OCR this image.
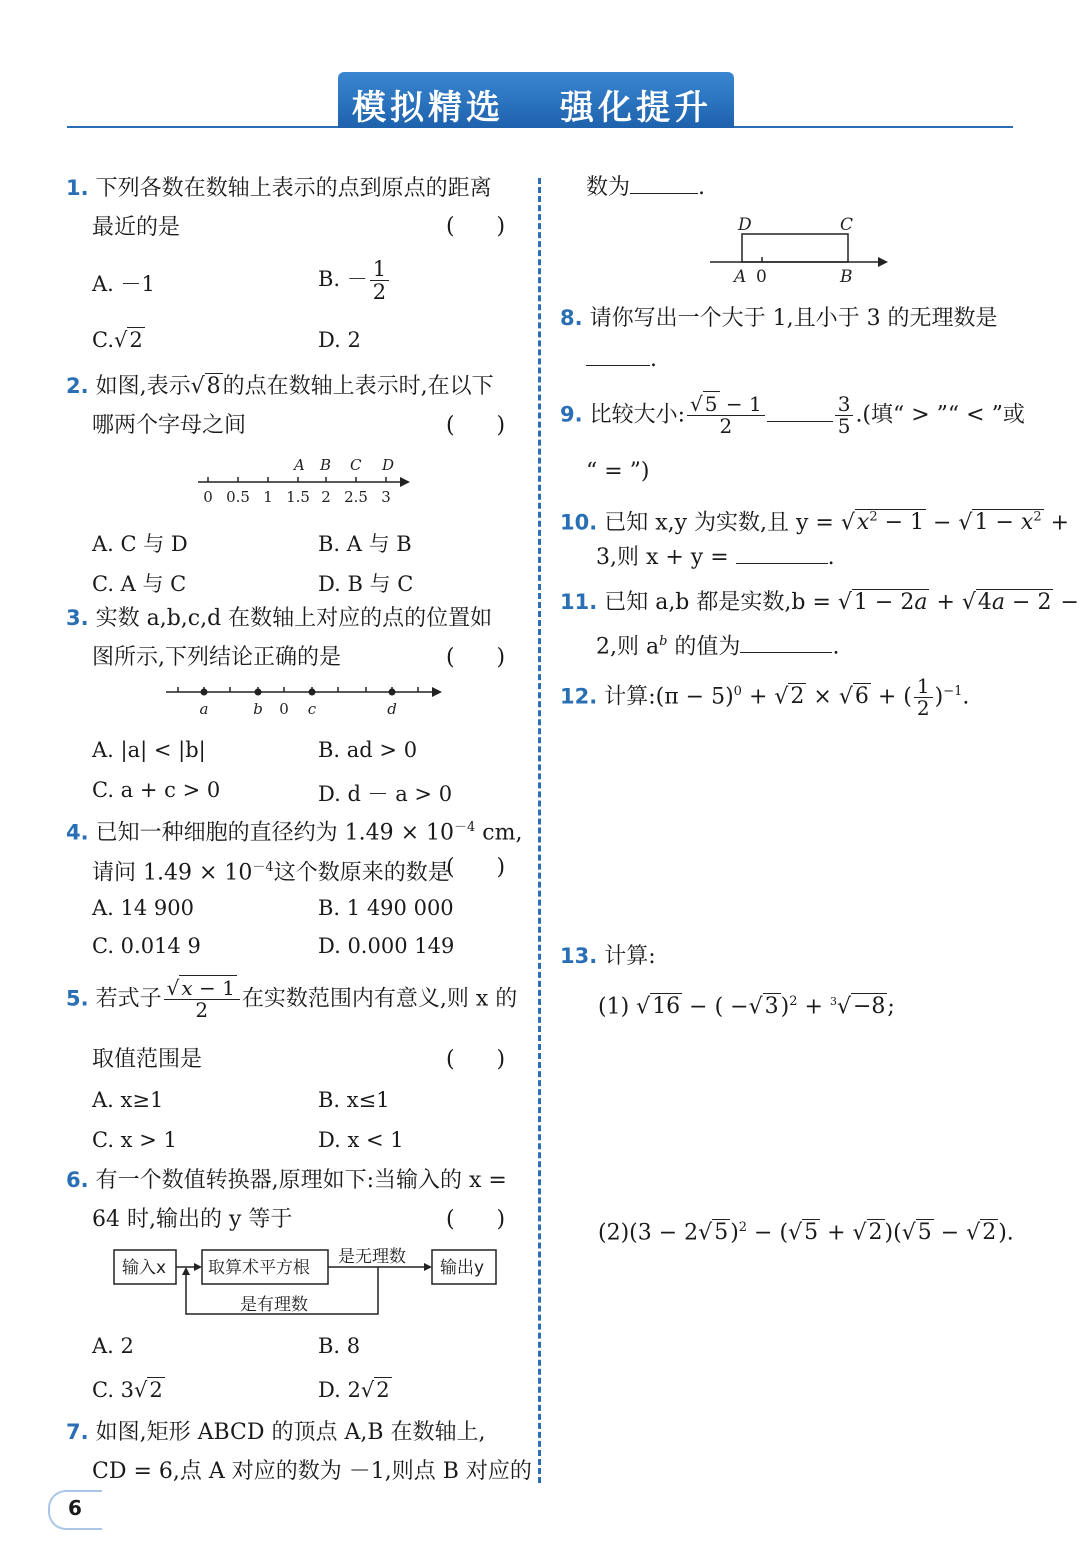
模拟精选 强化提升
1. 下列各数在数轴上表示的点到原点的距离
最近的是	(      )
A. －1	B. － $\frac{1}{2}$
C.√2	D. 2
2. 如图,表示√8的点在数轴上表示时,在以下
哪两个字母之间	(      )
A B C D
0 0.5 1 1.5 2 2.5 3
A. C 与 D	B. A 与 B
C. A 与 C	D. B 与 C
3. 实数 a,b,c,d 在数轴上对应的点的位置如
图所示,下列结论正确的是	(      )
a	b 0 c	d
A. |a| < |b|	B. ad > 0
C. a + c > 0	D. d － a > 0
4. 已知一种细胞的直径约为 $1.49 \times 10^{-4}$ cm,
请问 $1.49 \times 10^{-4}$这个数原来的数是
(      )
A. 14 900	B. 1 490 000
C. 0.014 9	D. 0.000 149
5. 若式子 $\frac{√ x - 1}{2}$ 在实数范围内有意义,则 x 的
取值范围是	(      )
A. x≥1	B. x≤1
C. x > 1	D. x < 1
6. 有一个数值转换器,原理如下:当输入的 x =
64 时,输出的 y 等于	(      )
输入x 取算术平方根	输出y
是无理数
是有理数
A. 2	B. 8
C. 3√2	D. 2√2
7. 如图,矩形 ABCD 的顶点 A,B 在数轴上,
CD = 6,点 A 对应的数为 －1,则点 B 对应的
6
数为	.
D	C
A 0	B
8. 请你写出一个大于 1,且小于 3 的无理数是
.
9. 比较大小: $\frac{√ 5 - 1}{2}$	$\frac{3}{5}$ .(填“ > ”“ < ”或
“ = ”)
10. 已知 x,y 为实数,且 $y = √x^2 - 1 - √1 - x^2$ +
3,则 x + y =	.
11. 已知 a,b 都是实数,b = √1 − 2a + √4a − 2 −
2,则 $a^b$ 的值为	.
12. 计算:(π − 5)$^0$ + √2 × √6 + ( $\frac{1}{2} )^{-1}$.
13. 计算:
(1) √16 − ( −√3)$^2$ + $^3$√−8;
$(2)(3 - 2√5)^2 - (√5 + √2)(√5 - √2)$.
